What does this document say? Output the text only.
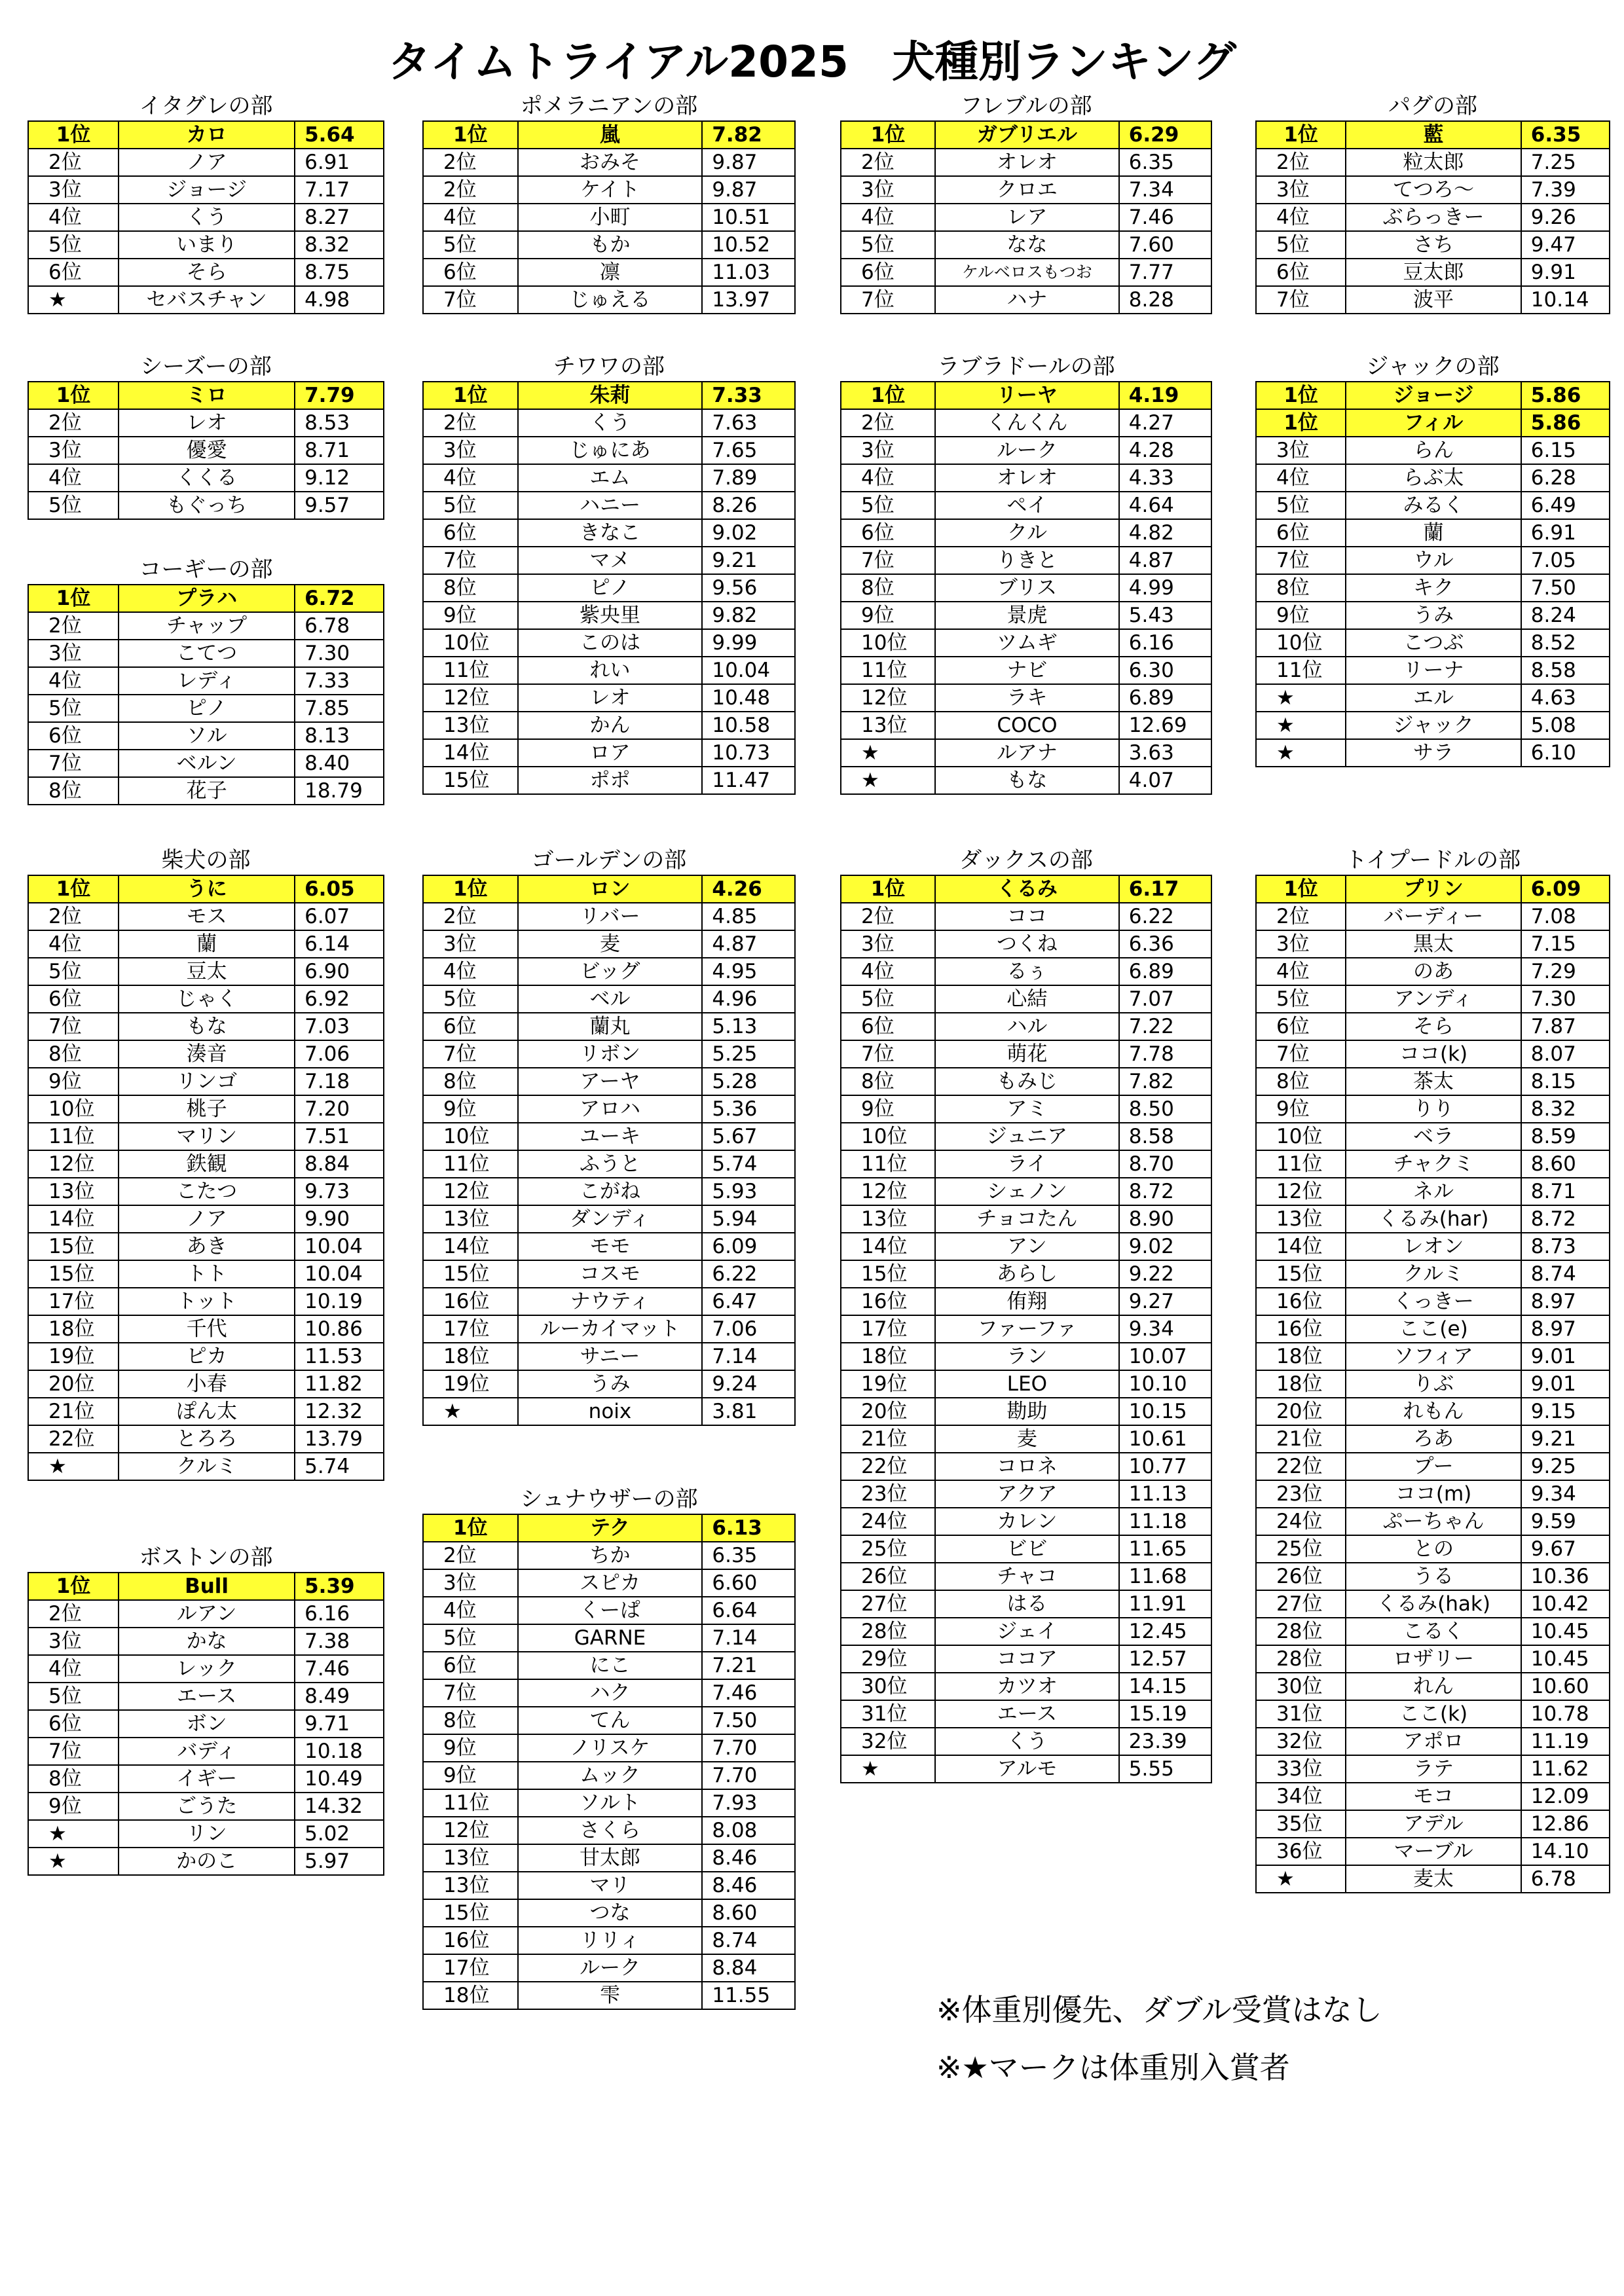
タイムトライアル2025　犬種別ランキング
イタグレの部
1位	カロ	5.64
2位	ノア	6.91
3位	ジョージ	7.17
4位	くう	8.27
5位	いまり	8.32
6位	そら	8.75
★	セバスチャン	4.98
ポメラニアンの部
1位	嵐	7.82
2位	おみそ	9.87
2位	ケイト	9.87
4位	小町	10.51
5位	もか	10.52
6位	凛	11.03
7位	じゅえる	13.97
フレブルの部
1位	ガブリエル	6.29
2位	オレオ	6.35
3位	クロエ	7.34
4位	レア	7.46
5位	なな	7.60
6位	ケルベロスもつお	7.77
7位	ハナ	8.28
パグの部
1位	藍	6.35
2位	粒太郎	7.25
3位	てつろ～	7.39
4位	ぶらっきー	9.26
5位	さち	9.47
6位	豆太郎	9.91
7位	波平	10.14
シーズーの部
1位	ミロ	7.79
2位	レオ	8.53
3位	優愛	8.71
4位	くくる	9.12
5位	もぐっち	9.57
コーギーの部
1位	プラハ	6.72
2位	チャップ	6.78
3位	こてつ	7.30
4位	レディ	7.33
5位	ピノ	7.85
6位	ソル	8.13
7位	ベルン	8.40
8位	花子	18.79
チワワの部
1位	朱莉	7.33
2位	くう	7.63
3位	じゅにあ	7.65
4位	エム	7.89
5位	ハニー	8.26
6位	きなこ	9.02
7位	マメ	9.21
8位	ピノ	9.56
9位	紫央里	9.82
10位	このは	9.99
11位	れい	10.04
12位	レオ	10.48
13位	かん	10.58
14位	ロア	10.73
15位	ポポ	11.47
ラブラドールの部
1位	リーヤ	4.19
2位	くんくん	4.27
3位	ルーク	4.28
4位	オレオ	4.33
5位	ペイ	4.64
6位	クル	4.82
7位	りきと	4.87
8位	ブリス	4.99
9位	景虎	5.43
10位	ツムギ	6.16
11位	ナビ	6.30
12位	ラキ	6.89
13位	COCO	12.69
★	ルアナ	3.63
★	もな	4.07
ジャックの部
1位	ジョージ	5.86
1位	フィル	5.86
3位	らん	6.15
4位	らぶ太	6.28
5位	みるく	6.49
6位	蘭	6.91
7位	ウル	7.05
8位	キク	7.50
9位	うみ	8.24
10位	こつぶ	8.52
11位	リーナ	8.58
★	エル	4.63
★	ジャック	5.08
★	サラ	6.10
柴犬の部
1位	うに	6.05
2位	モス	6.07
4位	蘭	6.14
5位	豆太	6.90
6位	じゃく	6.92
7位	もな	7.03
8位	湊音	7.06
9位	リンゴ	7.18
10位	桃子	7.20
11位	マリン	7.51
12位	鉄観	8.84
13位	こたつ	9.73
14位	ノア	9.90
15位	あき	10.04
15位	トト	10.04
17位	トット	10.19
18位	千代	10.86
19位	ピカ	11.53
20位	小春	11.82
21位	ぽん太	12.32
22位	とろろ	13.79
★	クルミ	5.74
ボストンの部
1位	Bull	5.39
2位	ルアン	6.16
3位	かな	7.38
4位	レック	7.46
5位	エース	8.49
6位	ボン	9.71
7位	バディ	10.18
8位	イギー	10.49
9位	ごうた	14.32
★	リン	5.02
★	かのこ	5.97
ゴールデンの部
1位	ロン	4.26
2位	リバー	4.85
3位	麦	4.87
4位	ビッグ	4.95
5位	ベル	4.96
6位	蘭丸	5.13
7位	リボン	5.25
8位	アーヤ	5.28
9位	アロハ	5.36
10位	ユーキ	5.67
11位	ふうと	5.74
12位	こがね	5.93
13位	ダンディ	5.94
14位	モモ	6.09
15位	コスモ	6.22
16位	ナウティ	6.47
17位	ルーカイマット	7.06
18位	サニー	7.14
19位	うみ	9.24
★	noix	3.81
シュナウザーの部
1位	テク	6.13
2位	ちか	6.35
3位	スピカ	6.60
4位	くーぱ	6.64
5位	GARNE	7.14
6位	にこ	7.21
7位	ハク	7.46
8位	てん	7.50
9位	ノリスケ	7.70
9位	ムック	7.70
11位	ソルト	7.93
12位	さくら	8.08
13位	甘太郎	8.46
13位	マリ	8.46
15位	つな	8.60
16位	リリィ	8.74
17位	ルーク	8.84
18位	雫	11.55
ダックスの部
1位	くるみ	6.17
2位	ココ	6.22
3位	つくね	6.36
4位	るぅ	6.89
5位	心結	7.07
6位	ハル	7.22
7位	萌花	7.78
8位	もみじ	7.82
9位	アミ	8.50
10位	ジュニア	8.58
11位	ライ	8.70
12位	シェノン	8.72
13位	チョコたん	8.90
14位	アン	9.02
15位	あらし	9.22
16位	侑翔	9.27
17位	ファーファ	9.34
18位	ラン	10.07
19位	LEO	10.10
20位	勘助	10.15
21位	麦	10.61
22位	コロネ	10.77
23位	アクア	11.13
24位	カレン	11.18
25位	ビビ	11.65
26位	チャコ	11.68
27位	はる	11.91
28位	ジェイ	12.45
29位	ココア	12.57
30位	カツオ	14.15
31位	エース	15.19
32位	くう	23.39
★	アルモ	5.55
トイプードルの部
1位	プリン	6.09
2位	バーディー	7.08
3位	黒太	7.15
4位	のあ	7.29
5位	アンディ	7.30
6位	そら	7.87
7位	ココ(k)	8.07
8位	茶太	8.15
9位	りり	8.32
10位	ベラ	8.59
11位	チャクミ	8.60
12位	ネル	8.71
13位	くるみ(har)	8.72
14位	レオン	8.73
15位	クルミ	8.74
16位	くっきー	8.97
16位	ここ(e)	8.97
18位	ソフィア	9.01
18位	りぶ	9.01
20位	れもん	9.15
21位	ろあ	9.21
22位	プー	9.25
23位	ココ(m)	9.34
24位	ぷーちゃん	9.59
25位	との	9.67
26位	うる	10.36
27位	くるみ(hak)	10.42
28位	こるく	10.45
28位	ロザリー	10.45
30位	れん	10.60
31位	ここ(k)	10.78
32位	アポロ	11.19
33位	ラテ	11.62
34位	モコ	12.09
35位	アデル	12.86
36位	マーブル	14.10
★	麦太	6.78
※体重別優先、ダブル受賞はなし
※★マークは体重別入賞者
